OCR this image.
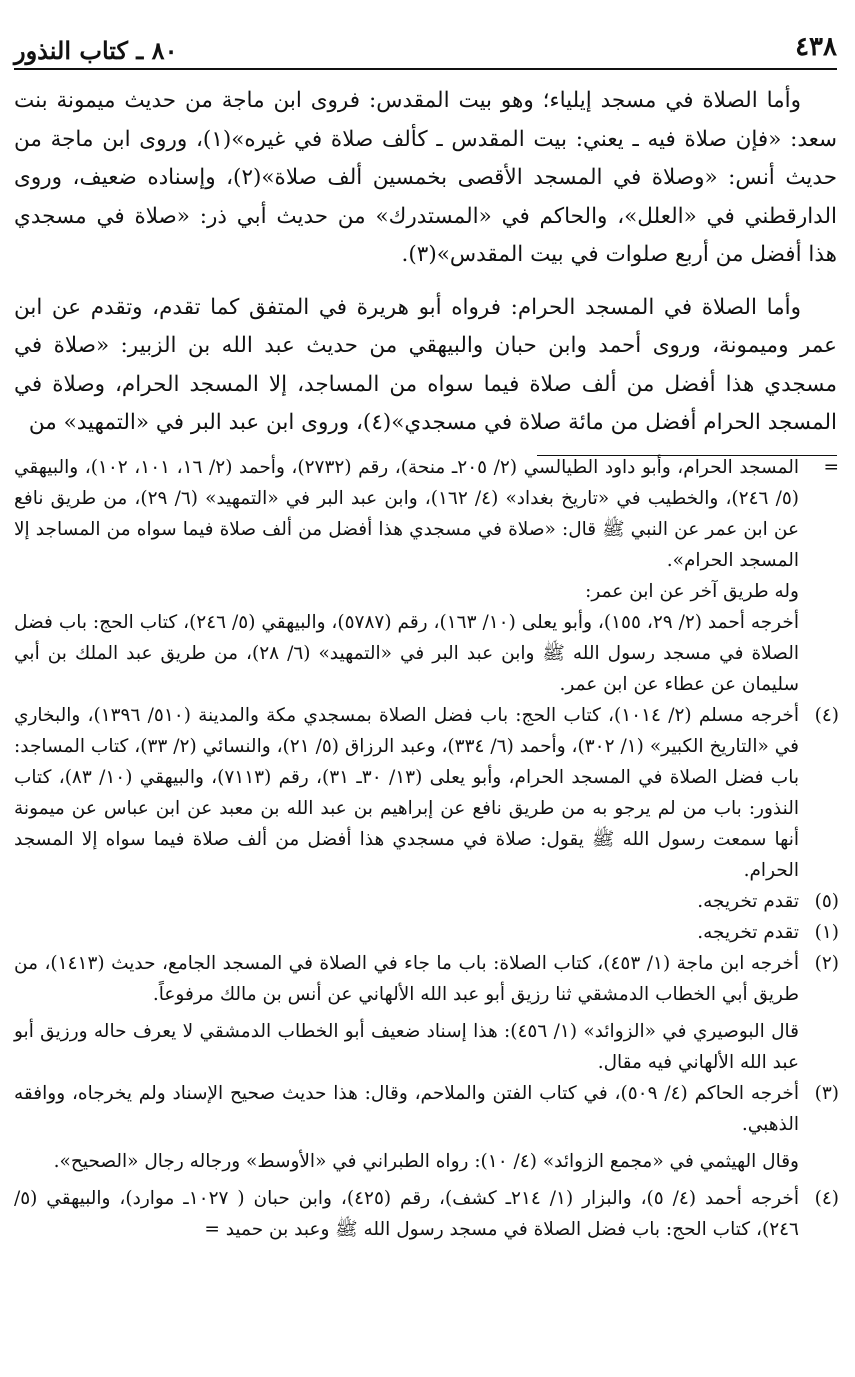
٤٣٨
٨٠ ـ كتاب النذور

وأما الصلاة في مسجد إيلياء؛ وهو بيت المقدس: فروى ابن ماجة من حديث ميمونة بنت سعد: «فإن صلاة فيه ـ يعني: بيت المقدس ـ كألف صلاة في غيره»(١)، وروى ابن ماجة من حديث أنس: «وصلاة في المسجد الأقصى بخمسين ألف صلاة»(٢)، وإسناده ضعيف، وروى الدارقطني في «العلل»، والحاكم في «المستدرك» من حديث أبي ذر: «صلاة في مسجدي هذا أفضل من أربع صلوات في بيت المقدس»(٣).

وأما الصلاة في المسجد الحرام: فرواه أبو هريرة في المتفق كما تقدم، وتقدم عن ابن عمر وميمونة، وروى أحمد وابن حبان والبيهقي من حديث عبد الله بن الزبير: «صلاة في مسجدي هذا أفضل من ألف صلاة فيما سواه من المساجد، إلا المسجد الحرام، وصلاة في المسجد الحرام أفضل من مائة صلاة في مسجدي»(٤)، وروى ابن عبد البر في «التمهيد» من

=
المسجد الحرام، وأبو داود الطيالسي (٢/ ٢٠٥ـ منحة)، رقم (٢٧٣٢)، وأحمد (٢/ ١٦، ١٠١، ١٠٢)، والبيهقي (٥/ ٢٤٦)، والخطيب في «تاريخ بغداد» (٤/ ١٦٢)، وابن عبد البر في «التمهيد» (٦/ ٢٩)، من طريق نافع عن ابن عمر عن النبي ﷺ قال: «صلاة في مسجدي هذا أفضل من ألف صلاة فيما سواه من المساجد إلا المسجد الحرام».
وله طريق آخر عن ابن عمر:
أخرجه أحمد (٢/ ٢٩، ١٥٥)، وأبو يعلى (١٠/ ١٦٣)، رقم (٥٧٨٧)، والبيهقي (٥/ ٢٤٦)، كتاب الحج: باب فضل الصلاة في مسجد رسول الله ﷺ وابن عبد البر في «التمهيد» (٦/ ٢٨)، من طريق عبد الملك بن أبي سليمان عن عطاء عن ابن عمر.
(٤)
أخرجه مسلم (٢/ ١٠١٤)، كتاب الحج: باب فضل الصلاة بمسجدي مكة والمدينة (٥١٠/ ١٣٩٦)، والبخاري في «التاريخ الكبير» (١/ ٣٠٢)، وأحمد (٦/ ٣٣٤)، وعبد الرزاق (٥/ ٢١)، والنسائي (٢/ ٣٣)، كتاب المساجد: باب فضل الصلاة في المسجد الحرام، وأبو يعلى (١٣/ ٣٠ـ ٣١)، رقم (٧١١٣)، والبيهقي (١٠/ ٨٣)، كتاب النذور: باب من لم يرجو به من طريق نافع عن إبراهيم بن عبد الله بن معبد عن ابن عباس عن ميمونة أنها سمعت رسول الله ﷺ يقول: صلاة في مسجدي هذا أفضل من ألف صلاة فيما سواه إلا المسجد الحرام.
(٥)
تقدم تخريجه.
(١)
تقدم تخريجه.
(٢)
أخرجه ابن ماجة (١/ ٤٥٣)، كتاب الصلاة: باب ما جاء في الصلاة في المسجد الجامع، حديث (١٤١٣)، من طريق أبي الخطاب الدمشقي ثنا رزيق أبو عبد الله الألهاني عن أنس بن مالك مرفوعاً.
قال البوصيري في «الزوائد» (١/ ٤٥٦): هذا إسناد ضعيف أبو الخطاب الدمشقي لا يعرف حاله ورزيق أبو عبد الله الألهاني فيه مقال.
(٣)
أخرجه الحاكم (٤/ ٥٠٩)، في كتاب الفتن والملاحم، وقال: هذا حديث صحيح الإسناد ولم يخرجاه، ووافقه الذهبي.
وقال الهيثمي في «مجمع الزوائد» (٤/ ١٠): رواه الطبراني في «الأوسط» ورجاله رجال «الصحيح».
(٤)
أخرجه أحمد (٤/ ٥)، والبزار (١/ ٢١٤ـ كشف)، رقم (٤٢٥)، وابن حبان ( ١٠٢٧ـ موارد)، والبيهقي (٥/ ٢٤٦)، كتاب الحج: باب فضل الصلاة في مسجد رسول الله ﷺ وعبد بن حميد =
